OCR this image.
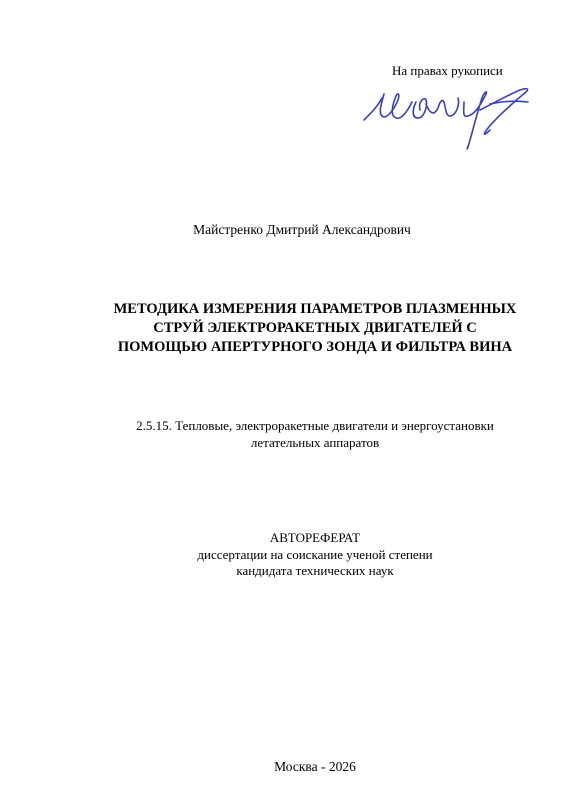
На правах рукописи
Майстренко Дмитрий Александрович
МЕТОДИКА ИЗМЕРЕНИЯ ПАРАМЕТРОВ ПЛАЗМЕННЫХ
СТРУЙ ЭЛЕКТРОРАКЕТНЫХ ДВИГАТЕЛЕЙ С
ПОМОЩЬЮ АПЕРТУРНОГО ЗОНДА И ФИЛЬТРА ВИНА
2.5.15. Тепловые, электроракетные двигатели и энергоустановки
летательных аппаратов
АВТОРЕФЕРАТ
диссертации на соискание ученой степени
кандидата технических наук
Москва - 2026
